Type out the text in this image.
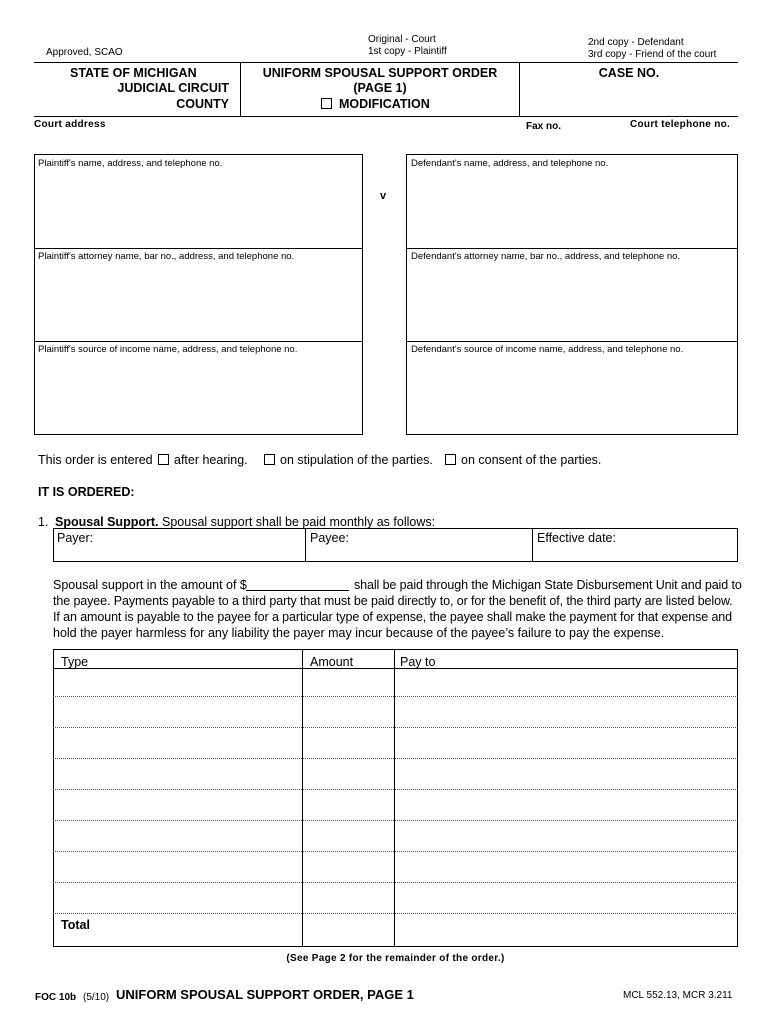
Approved, SCAO
Original - Court
1st copy - Plaintiff
2nd copy - Defendant
3rd copy - Friend of the court
STATE OF MICHIGAN
JUDICIAL CIRCUIT
COUNTY
UNIFORM SPOUSAL SUPPORT ORDER
(PAGE 1)
MODIFICATION
CASE NO.
Court address	Fax no.	Court telephone no.
Plaintiff's name, address, and telephone no.	Defendant's name, address, and telephone no.
v
Plaintiff's attorney name, bar no., address, and telephone no.	Defendant's attorney name, bar no., address, and telephone no.
Plaintiff's source of income name, address, and telephone no.	Defendant's source of income name, address, and telephone no.
This order is entered after hearing.	on stipulation of the parties. on consent of the parties.
IT IS ORDERED:
1. Spousal Support. Spousal support shall be paid monthly as follows:
Payer:	Payee:	Effective date:
Spousal support in the amount of $	shall be paid through the Michigan State Disbursement Unit and paid to
the payee. Payments payable to a third party that must be paid directly to, or for the benefit of, the third party are listed below.
If an amount is payable to the payee for a particular type of expense, the payee shall make the payment for that expense and
hold the payer harmless for any liability the payer may incur because of the payee’s failure to pay the expense.
Type	Amount	Pay to
Total
(See Page 2 for the remainder of the order.)
FOC 10b (5/10) UNIFORM SPOUSAL SUPPORT ORDER, PAGE 1	MCL 552.13, MCR 3.211
